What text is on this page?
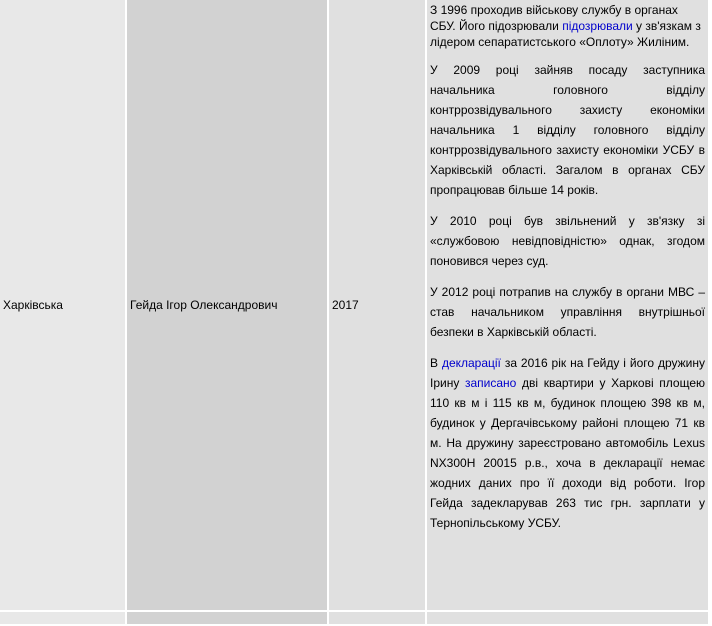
Харківська	Гейда Ігор Олександрович	2017	З 1996 проходив військову службу в органах СБУ. Його підозрювали підозрювали у зв'язкам з лідером сепаратистського «Оплоту» Жиліним.

У 2009 році зайняв посаду заступника начальника головного відділу контррозвідувального захисту економіки начальника 1 відділу головного відділу контррозвідувального захисту економіки УСБУ в Харківській області. Загалом в органах СБУ пропрацював більше 14 років.

У 2010 році був звільнений у зв'язку зі «службовою невідповідністю» однак, згодом поновився через суд.

У 2012 році потрапив на службу в органи МВС – став начальником управління внутрішньої безпеки в Харківській області.

В декларації за 2016 рік на Гейду і його дружину Ірину записано дві квартири у Харкові площею 110 кв м і 115 кв м, будинок площею 398 кв м, будинок у Дергачівському районі площею 71 кв м. На дружину зареєстровано автомобіль Lexus NX300H 20015 р.в., хоча в декларації немає жодних даних про її доходи від роботи. Ігор Гейда задекларував 263 тис грн. зарплати у Тернопільському УСБУ.
